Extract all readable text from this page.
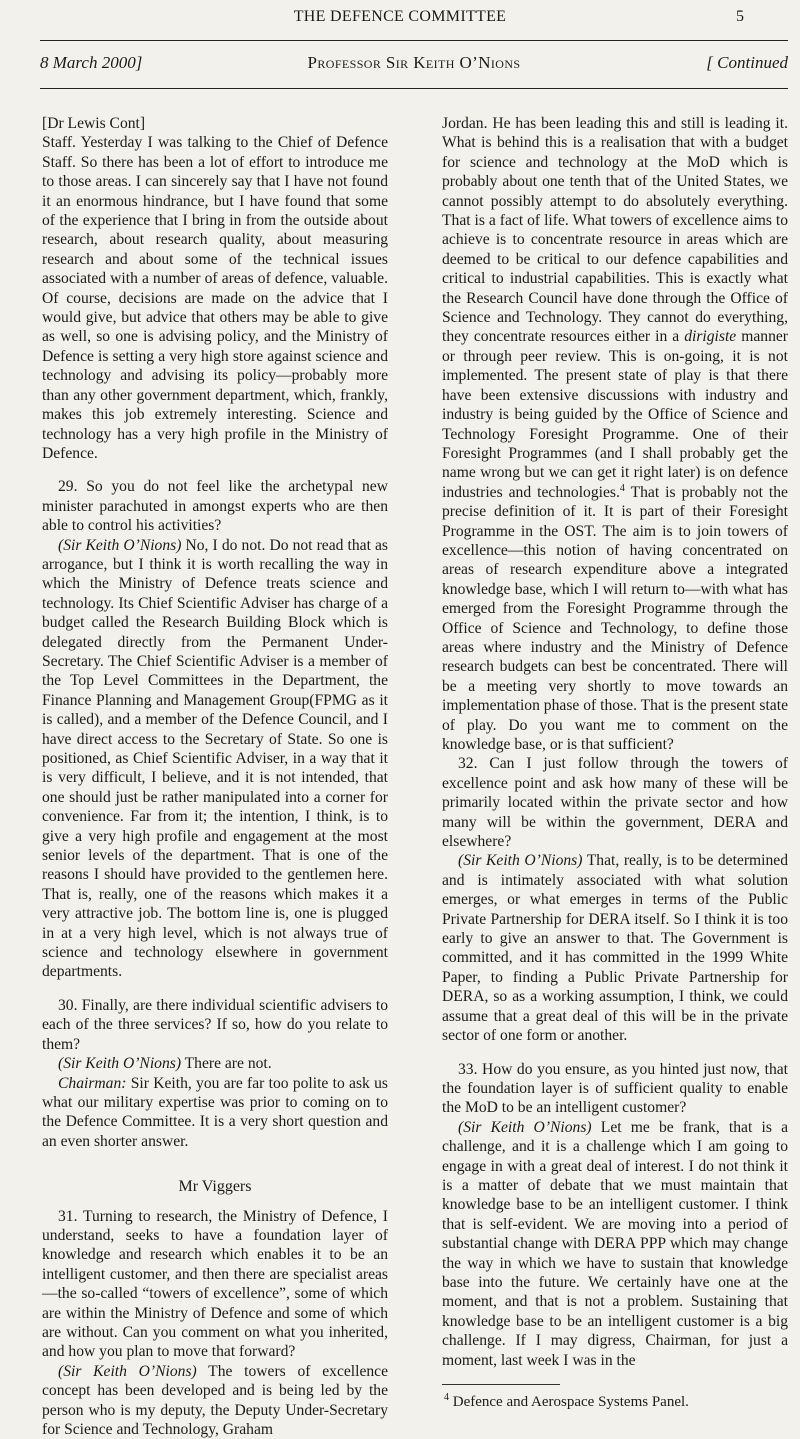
THE DEFENCE COMMITTEE	5
8 March 2000]	Professor Sir Keith O’Nions	[ Continued

[Dr Lewis Cont]

Staff. Yesterday I was talking to the Chief of Defence Staff. So there has been a lot of effort to introduce me to those areas. I can sincerely say that I have not found it an enormous hindrance, but I have found that some of the experience that I bring in from the outside about research, about research quality, about measuring research and about some of the technical issues associated with a number of areas of defence, valuable. Of course, decisions are made on the advice that I would give, but advice that others may be able to give as well, so one is advising policy, and the Ministry of Defence is setting a very high store against science and technology and advising its policy—probably more than any other government department, which, frankly, makes this job extremely interesting. Science and technology has a very high profile in the Ministry of Defence.

29. So you do not feel like the archetypal new minister parachuted in amongst experts who are then able to control his activities?

(Sir Keith O’Nions) No, I do not. Do not read that as arrogance, but I think it is worth recalling the way in which the Ministry of Defence treats science and technology. Its Chief Scientific Adviser has charge of a budget called the Research Building Block which is delegated directly from the Permanent Under-Secretary. The Chief Scientific Adviser is a member of the Top Level Committees in the Department, the Finance Planning and Management Group(FPMG as it is called), and a member of the Defence Council, and I have direct access to the Secretary of State. So one is positioned, as Chief Scientific Adviser, in a way that it is very difficult, I believe, and it is not intended, that one should just be rather manipulated into a corner for convenience. Far from it; the intention, I think, is to give a very high profile and engagement at the most senior levels of the department. That is one of the reasons I should have provided to the gentlemen here. That is, really, one of the reasons which makes it a very attractive job. The bottom line is, one is plugged in at a very high level, which is not always true of science and technology elsewhere in government departments.

30. Finally, are there individual scientific advisers to each of the three services? If so, how do you relate to them?

(Sir Keith O’Nions) There are not.

Chairman: Sir Keith, you are far too polite to ask us what our military expertise was prior to coming on to the Defence Committee. It is a very short question and an even shorter answer.

Mr Viggers

31. Turning to research, the Ministry of Defence, I understand, seeks to have a foundation layer of knowledge and research which enables it to be an intelligent customer, and then there are specialist areas—the so-called “towers of excellence”, some of which are within the Ministry of Defence and some of which are without. Can you comment on what you inherited, and how you plan to move that forward?

(Sir Keith O’Nions) The towers of excellence concept has been developed and is being led by the person who is my deputy, the Deputy Under-Secretary for Science and Technology, Graham

Jordan. He has been leading this and still is leading it. What is behind this is a realisation that with a budget for science and technology at the MoD which is probably about one tenth that of the United States, we cannot possibly attempt to do absolutely everything. That is a fact of life. What towers of excellence aims to achieve is to concentrate resource in areas which are deemed to be critical to our defence capabilities and critical to industrial capabilities. This is exactly what the Research Council have done through the Office of Science and Technology. They cannot do everything, they concentrate resources either in a dirigiste manner or through peer review. This is on-going, it is not implemented. The present state of play is that there have been extensive discussions with industry and industry is being guided by the Office of Science and Technology Foresight Programme. One of their Foresight Programmes (and I shall probably get the name wrong but we can get it right later) is on defence industries and technologies.$^4$ That is probably not the precise definition of it. It is part of their Foresight Programme in the OST. The aim is to join towers of excellence—this notion of having concentrated on areas of research expenditure above a integrated knowledge base, which I will return to—with what has emerged from the Foresight Programme through the Office of Science and Technology, to define those areas where industry and the Ministry of Defence research budgets can best be concentrated. There will be a meeting very shortly to move towards an implementation phase of those. That is the present state of play. Do you want me to comment on the knowledge base, or is that sufficient?

32. Can I just follow through the towers of excellence point and ask how many of these will be primarily located within the private sector and how many will be within the government, DERA and elsewhere?

(Sir Keith O’Nions) That, really, is to be determined and is intimately associated with what solution emerges, or what emerges in terms of the Public Private Partnership for DERA itself. So I think it is too early to give an answer to that. The Government is committed, and it has committed in the 1999 White Paper, to finding a Public Private Partnership for DERA, so as a working assumption, I think, we could assume that a great deal of this will be in the private sector of one form or another.

33. How do you ensure, as you hinted just now, that the foundation layer is of sufficient quality to enable the MoD to be an intelligent customer?

(Sir Keith O’Nions) Let me be frank, that is a challenge, and it is a challenge which I am going to engage in with a great deal of interest. I do not think it is a matter of debate that we must maintain that knowledge base to be an intelligent customer. I think that is self-evident. We are moving into a period of substantial change with DERA PPP which may change the way in which we have to sustain that knowledge base into the future. We certainly have one at the moment, and that is not a problem. Sustaining that knowledge base to be an intelligent customer is a big challenge. If I may digress, Chairman, for just a moment, last week I was in the

$^4$ Defence and Aerospace Systems Panel.
